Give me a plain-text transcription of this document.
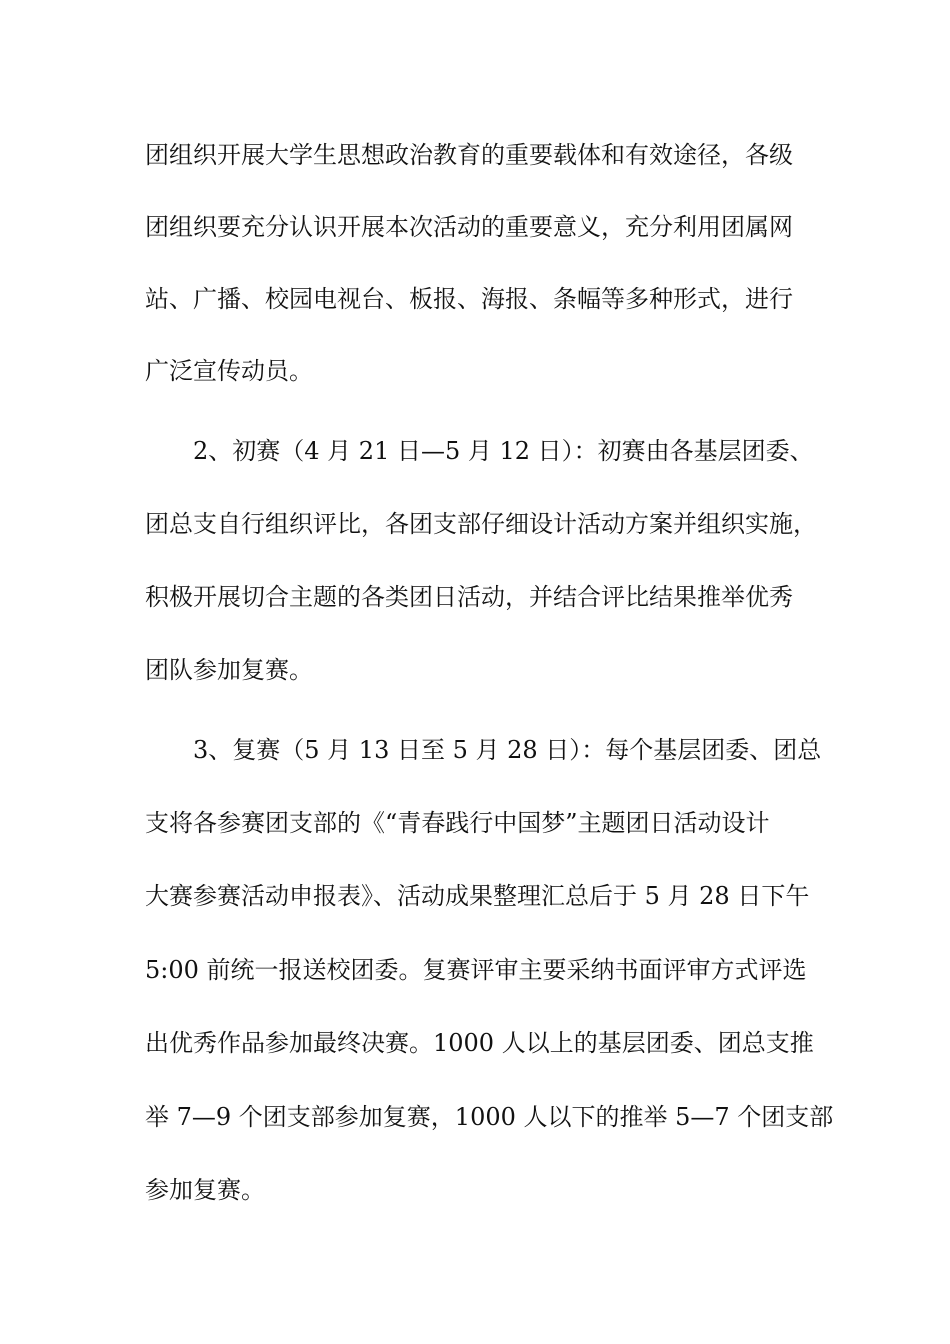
团组织开展大学生思想政治教育的重要载体和有效途径，各级
团组织要充分认识开展本次活动的重要意义，充分利用团属网
站、广播、校园电视台、板报、海报、条幅等多种形式，进行
广泛宣传动员。
　　2、初赛（4 月 21 日—5 月 12 日）：初赛由各基层团委、
团总支自行组织评比，各团支部仔细设计活动方案并组织实施，
积极开展切合主题的各类团日活动，并结合评比结果推举优秀
团队参加复赛。
　　3、复赛（5 月 13 日至 5 月 28 日）：每个基层团委、团总
支将各参赛团支部的《“青春践行中国梦”主题团日活动设计
大赛参赛活动申报表》、活动成果整理汇总后于 5 月 28 日下午
5:00 前统一报送校团委。复赛评审主要采纳书面评审方式评选
出优秀作品参加最终决赛。1000 人以上的基层团委、团总支推
举 7—9 个团支部参加复赛，1000 人以下的推举 5—7 个团支部
参加复赛。
